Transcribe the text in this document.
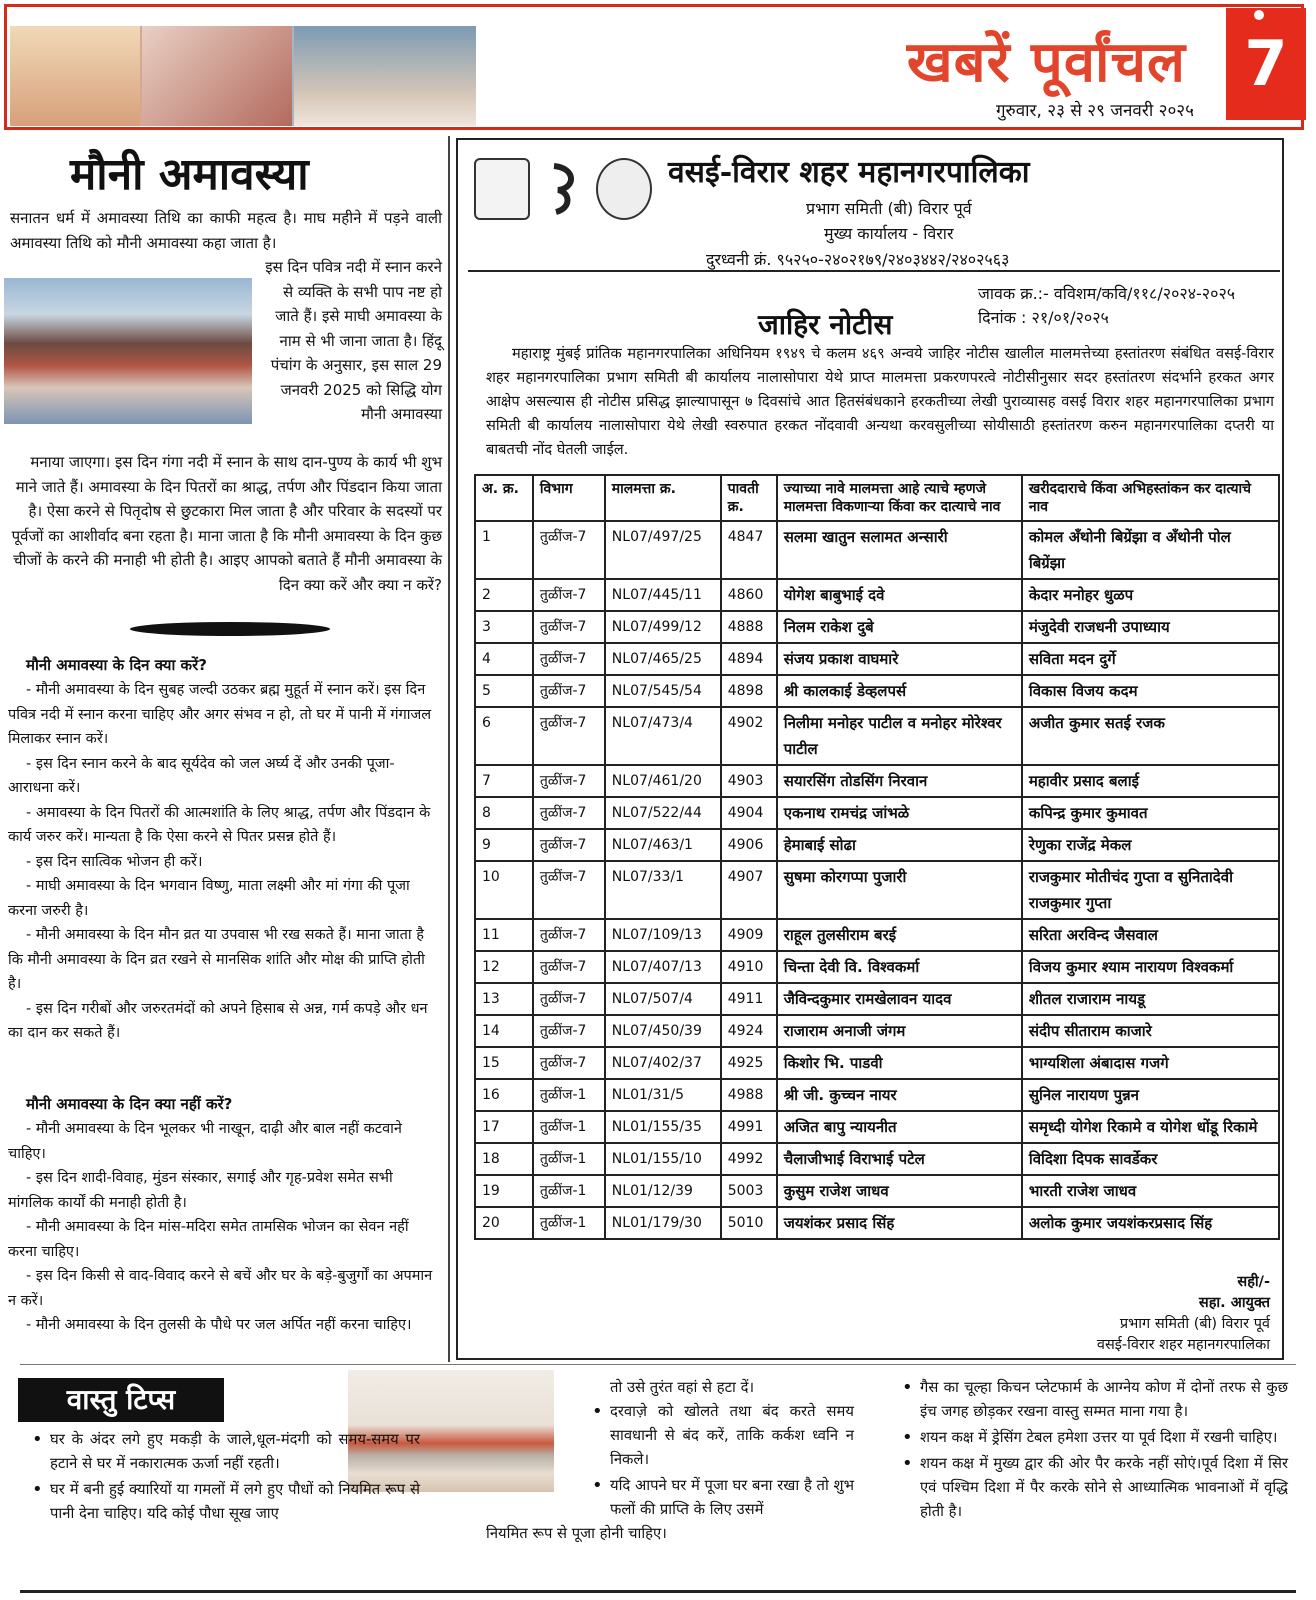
खबरें पूर्वांचल 7
गुरुवार, २३ से २९ जनवरी २०२५
मौनी अमावस्या
सनातन धर्म में अमावस्या तिथि का काफी महत्व है। माघ महीने में पड़ने वाली अमावस्या तिथि को मौनी अमावस्या कहा जाता है।
इस दिन पवित्र नदी में स्नान करने से व्यक्ति के सभी पाप नष्ट हो जाते हैं। इसे माघी अमावस्या के नाम से भी जाना जाता है। हिंदू पंचांग के अनुसार, इस साल 29 जनवरी 2025 को सिद्धि योग मौनी अमावस्या
मनाया जाएगा। इस दिन गंगा नदी में स्नान के साथ दान-पुण्य के कार्य भी शुभ माने जाते हैं। अमावस्या के दिन पितरों का श्राद्ध, तर्पण और पिंडदान किया जाता है। ऐसा करने से पितृदोष से छुटकारा मिल जाता है और परिवार के सदस्यों पर पूर्वजों का आशीर्वाद बना रहता है। माना जाता है कि मौनी अमावस्या के दिन कुछ चीजों के करने की मनाही भी होती है। आइए आपको बताते हैं मौनी अमावस्या के दिन क्या करें और क्या न करें?
मौनी अमावस्या के दिन क्या करें?

- मौनी अमावस्या के दिन सुबह जल्दी उठकर ब्रह्म मुहूर्त में स्नान करें। इस दिन पवित्र नदी में स्नान करना चाहिए और अगर संभव न हो, तो घर में पानी में गंगाजल मिलाकर स्नान करें।

- इस दिन स्नान करने के बाद सूर्यदेव को जल अर्घ्य दें और उनकी पूजा-आराधना करें।

- अमावस्या के दिन पितरों की आत्मशांति के लिए श्राद्ध, तर्पण और पिंडदान के कार्य जरुर करें। मान्यता है कि ऐसा करने से पितर प्रसन्न होते हैं।

- इस दिन सात्विक भोजन ही करें।

- माघी अमावस्या के दिन भगवान विष्णु, माता लक्ष्मी और मां गंगा की पूजा करना जरुरी है।

- मौनी अमावस्या के दिन मौन व्रत या उपवास भी रख सकते हैं। माना जाता है कि मौनी अमावस्या के दिन व्रत रखने से मानसिक शांति और मोक्ष की प्राप्ति होती है।

- इस दिन गरीबों और जरुरतमंदों को अपने हिसाब से अन्न, गर्म कपड़े और धन का दान कर सकते हैं।

मौनी अमावस्या के दिन क्या नहीं करें?

- मौनी अमावस्या के दिन भूलकर भी नाखून, दाढ़ी और बाल नहीं कटवाने चाहिए।

- इस दिन शादी-विवाह, मुंडन संस्कार, सगाई और गृह-प्रवेश समेत सभी मांगलिक कार्यों की मनाही होती है।

- मौनी अमावस्या के दिन मांस-मदिरा समेत तामसिक भोजन का सेवन नहीं करना चाहिए।

- इस दिन किसी से वाद-विवाद करने से बचें और घर के बड़े-बुजुर्गों का अपमान न करें।

- मौनी अमावस्या के दिन तुलसी के पौधे पर जल अर्पित नहीं करना चाहिए।

वसई-विरार शहर महानगरपालिका
प्रभाग समिती (बी) विरार पूर्व
मुख्य कार्यालय - विरार
दुरध्वनी क्रं. ९५२५०-२४०२१७९/२४०३४४२/२४०२५६३
जावक क्र.:- वविशम/कवि/११८/२०२४-२०२५
दिनांक : २१/०१/२०२५
जाहिर नोटीस
महाराष्ट्र मुंबई प्रांतिक महानगरपालिका अधिनियम १९४९ चे कलम ४६९ अन्वये जाहिर नोटीस खालील मालमत्तेच्या हस्तांतरण संबंधित वसई-विरार शहर महानगरपालिका प्रभाग समिती बी कार्यालय नालासोपारा येथे प्राप्त मालमत्ता प्रकरणपरत्वे नोटीसीनुसार सदर हस्तांतरण संदर्भाने हरकत अगर आक्षेप असल्यास ही नोटीस प्रसिद्ध झाल्यापासून ७ दिवसांचे आत हितसंबंधकाने हरकतीच्या लेखी पुराव्यासह वसई विरार शहर महानगरपालिका प्रभाग समिती बी कार्यालय नालासोपारा येथे लेखी स्वरुपात हरकत नोंदवावी अन्यथा करवसुलीच्या सोयीसाठी हस्तांतरण करुन महानगरपालिका दप्तरी या बाबतची नोंद घेतली जाईल.
अ. क्र.	विभाग	मालमत्ता क्र.	पावती क्र.	ज्याच्या नावे मालमत्ता आहे त्याचे म्हणजे मालमत्ता विकणाऱ्या किंवा कर दात्याचे नाव	खरीददाराचे किंवा अभिहस्तांकन कर दात्याचे नाव
1	तुळींज-7	NL07/497/25	4847	सलमा खातुन सलामत अन्सारी	कोमल अँथोनी बिग्रेंझा व अँथोनी पोल बिग्रेंझा
2	तुळींज-7	NL07/445/11	4860	योगेश बाबुभाई दवे	केदार मनोहर धुळप
3	तुळींज-7	NL07/499/12	4888	निलम राकेश दुबे	मंजुदेवी राजधनी उपाध्याय
4	तुळींज-7	NL07/465/25	4894	संजय प्रकाश वाघमारे	सविता मदन दुर्गे
5	तुळींज-7	NL07/545/54	4898	श्री कालकाई डेव्हलपर्स	विकास विजय कदम
6	तुळींज-7	NL07/473/4	4902	निलीमा मनोहर पाटील व मनोहर मोरेश्वर पाटील	अजीत कुमार सतई रजक
7	तुळींज-7	NL07/461/20	4903	सयारसिंग तोडसिंग निरवान	महावीर प्रसाद बलाई
8	तुळींज-7	NL07/522/44	4904	एकनाथ रामचंद्र जांभळे	कपिन्द्र कुमार कुमावत
9	तुळींज-7	NL07/463/1	4906	हेमाबाई सोढा	रेणुका राजेंद्र मेकल
10	तुळींज-7	NL07/33/1	4907	सुषमा कोरगप्पा पुजारी	राजकुमार मोतीचंद गुप्ता व सुनितादेवी राजकुमार गुप्ता
11	तुळींज-7	NL07/109/13	4909	राहूल तुलसीराम बरई	सरिता अरविन्द जैसवाल
12	तुळींज-7	NL07/407/13	4910	चिन्ता देवी वि. विश्वकर्मा	विजय कुमार श्याम नारायण विश्वकर्मा
13	तुळींज-7	NL07/507/4	4911	जैविन्दकुमार रामखेलावन यादव	शीतल राजाराम नायडू
14	तुळींज-7	NL07/450/39	4924	राजाराम अनाजी जंगम	संदीप सीताराम काजारे
15	तुळींज-7	NL07/402/37	4925	किशोर भि. पाडवी	भाग्यशिला अंबादास गजगे
16	तुळींज-1	NL01/31/5	4988	श्री जी. कुच्चन नायर	सुनिल नारायण पुन्नन
17	तुळींज-1	NL01/155/35	4991	अजित बापु न्यायनीत	समृध्दी योगेश रिकामे व योगेश धोंडू रिकामे
18	तुळींज-1	NL01/155/10	4992	चैलाजीभाई विराभाई पटेल	विदिशा दिपक सावर्डेकर
19	तुळींज-1	NL01/12/39	5003	कुसुम राजेश जाधव	भारती राजेश जाधव
20	तुळींज-1	NL01/179/30	5010	जयशंकर प्रसाद सिंह	अलोक कुमार जयशंकरप्रसाद सिंह
सही/-
सहा. आयुक्त
प्रभाग समिती (बी) विरार पूर्व
वसई-विरार शहर महानगरपालिका
वास्तु टिप्स
• घर के अंदर लगे हुए मकड़ी के जाले,धूल-मंदगी को समय-समय पर हटाने से घर में नकारात्मक ऊर्जा नहीं रहती।
• घर में बनी हुई क्यारियों या गमलों में लगे हुए पौधों को नियमित रूप से पानी देना चाहिए। यदि कोई पौधा सूख जाए
तो उसे तुरंत वहां से हटा दें।
• दरवाज़े को खोलते तथा बंद करते समय सावधानी से बंद करें, ताकि कर्कश ध्वनि न निकले।
• यदि आपने घर में पूजा घर बना रखा है तो शुभ फलों की प्राप्ति के लिए उसमें
नियमित रूप से पूजा होनी चाहिए।
• गैस का चूल्हा किचन प्लेटफार्म के आग्नेय कोण में दोनों तरफ से कुछ इंच जगह छोड़कर रखना वास्तु सम्मत माना गया है।
• शयन कक्ष में ड्रेसिंग टेबल हमेशा उत्तर या पूर्व दिशा में रखनी चाहिए।
• शयन कक्ष में मुख्य द्वार की ओर पैर करके नहीं सोएं।पूर्व दिशा में सिर एवं पश्चिम दिशा में पैर करके सोने से आध्यात्मिक भावनाओं में वृद्धि होती है।
